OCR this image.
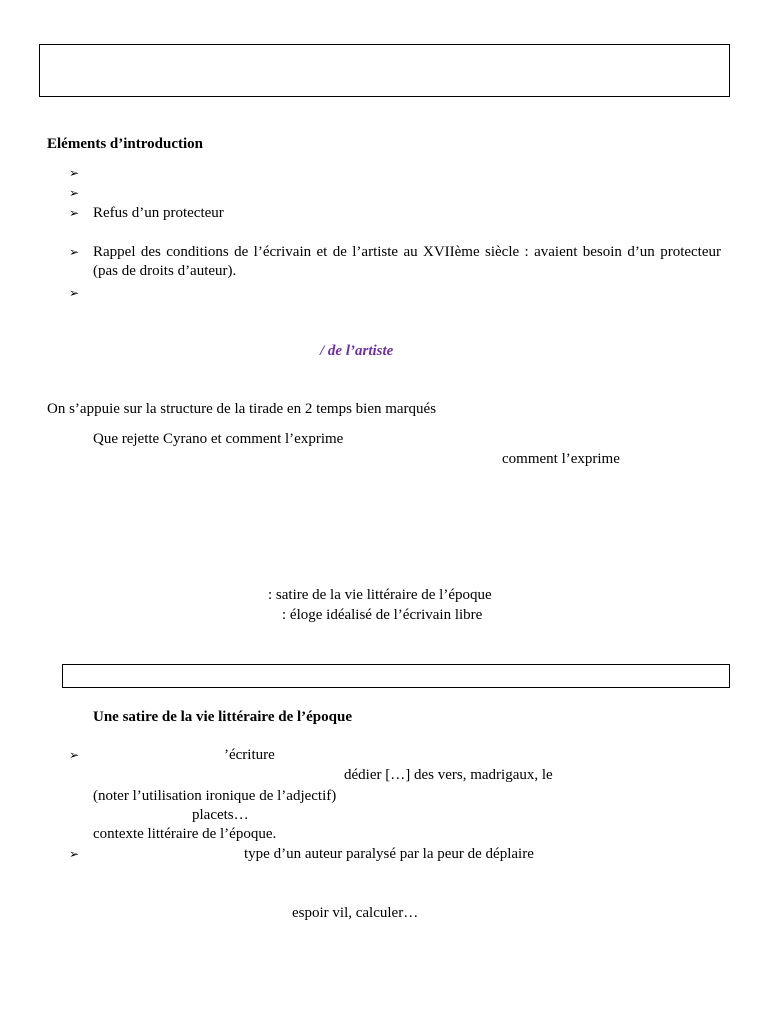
Eléments d’introduction
➢
➢
➢ Refus d’un protecteur
➢ Rappel des conditions de l’écrivain et de l’artiste au XVIIème siècle : avaient besoin d’un protecteur (pas de droits d’auteur).
➢
/ de l’artiste
On s’appuie sur la structure de la tirade en 2 temps bien marqués
Que rejette Cyrano et comment l’exprime
comment l’exprime
: satire de la vie littéraire de l’époque
: éloge idéalisé de l’écrivain libre
Une satire de la vie littéraire de l’époque
➢	’écriture
dédier […] des vers, madrigaux, le
(noter l’utilisation ironique de l’adjectif)
placets…
contexte littéraire de l’époque.
➢	type d’un auteur paralysé par la peur de déplaire
espoir vil, calculer…
